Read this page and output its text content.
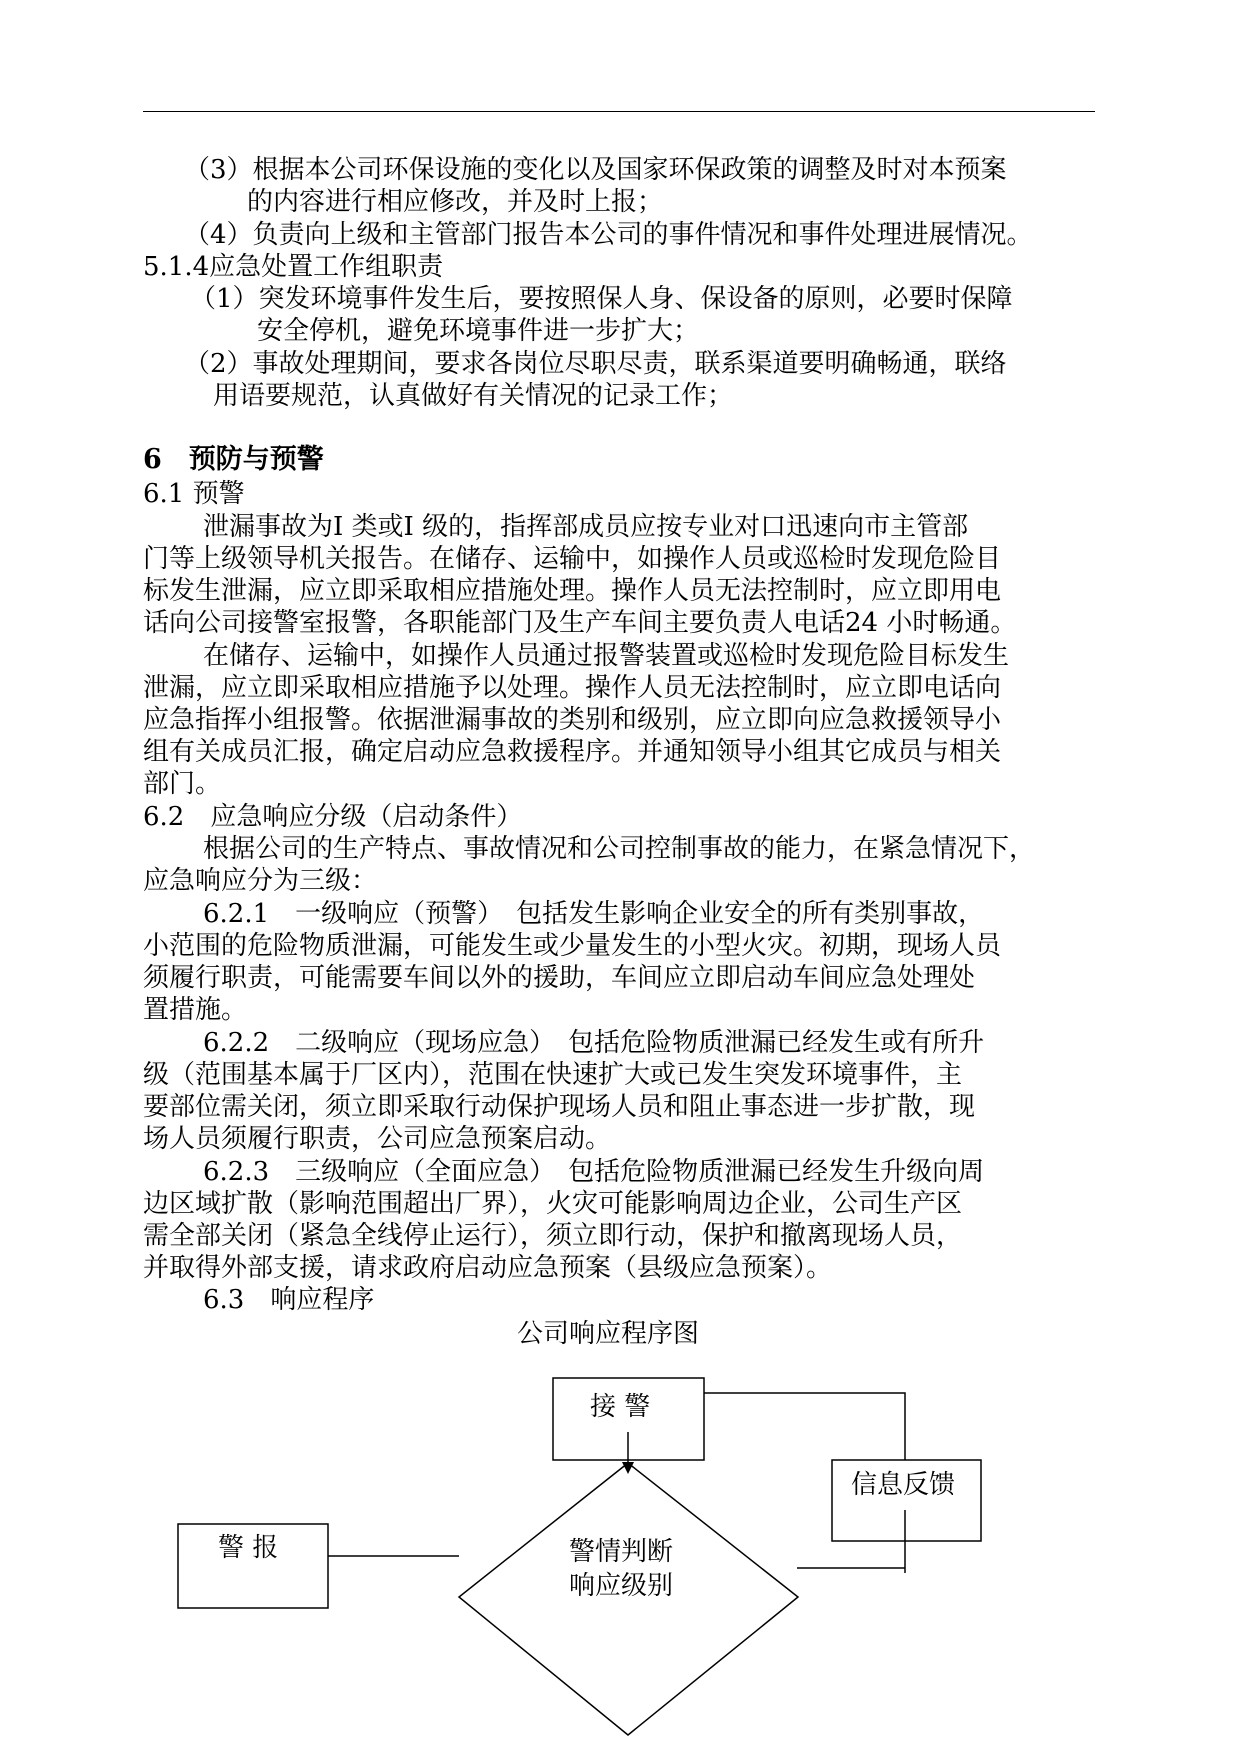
（3）根据本公司环保设施的变化以及国家环保政策的调整及时对本预案
的内容进行相应修改，并及时上报；
（4）负责向上级和主管部门报告本公司的事件情况和事件处理进展情况。
5.1.4应急处置工作组职责
（1）突发环境事件发生后，要按照保人身、保设备的原则，必要时保障
安全停机，避免环境事件进一步扩大；
（2）事故处理期间，要求各岗位尽职尽责，联系渠道要明确畅通，联络
用语要规范，认真做好有关情况的记录工作；
6　预防与预警
6.1 预警
泄漏事故为I 类或I 级的，指挥部成员应按专业对口迅速向市主管部
门等上级领导机关报告。在储存、运输中，如操作人员或巡检时发现危险目
标发生泄漏，应立即采取相应措施处理。操作人员无法控制时，应立即用电
话向公司接警室报警，各职能部门及生产车间主要负责人电话24 小时畅通。
在储存、运输中，如操作人员通过报警装置或巡检时发现危险目标发生
泄漏，应立即采取相应措施予以处理。操作人员无法控制时，应立即电话向
应急指挥小组报警。依据泄漏事故的类别和级别，应立即向应急救援领导小
组有关成员汇报，确定启动应急救援程序。并通知领导小组其它成员与相关
部门。
6.2　应急响应分级（启动条件）
根据公司的生产特点、事故情况和公司控制事故的能力，在紧急情况下，
应急响应分为三级：
6.2.1　一级响应（预警）　包括发生影响企业安全的所有类别事故，
小范围的危险物质泄漏，可能发生或少量发生的小型火灾。初期，现场人员
须履行职责，可能需要车间以外的援助，车间应立即启动车间应急处理处
置措施。
6.2.2　二级响应（现场应急）　包括危险物质泄漏已经发生或有所升
级（范围基本属于厂区内），范围在快速扩大或已发生突发环境事件，主
要部位需关闭，须立即采取行动保护现场人员和阻止事态进一步扩散，现
场人员须履行职责，公司应急预案启动。
6.2.3　三级响应（全面应急）　包括危险物质泄漏已经发生升级向周
边区域扩散（影响范围超出厂界），火灾可能影响周边企业，公司生产区
需全部关闭（紧急全线停止运行），须立即行动，保护和撤离现场人员，
并取得外部支援，请求政府启动应急预案（县级应急预案）。
6.3　响应程序
公司响应程序图
接 警
信息反馈
警 报	警情判断
响应级别
